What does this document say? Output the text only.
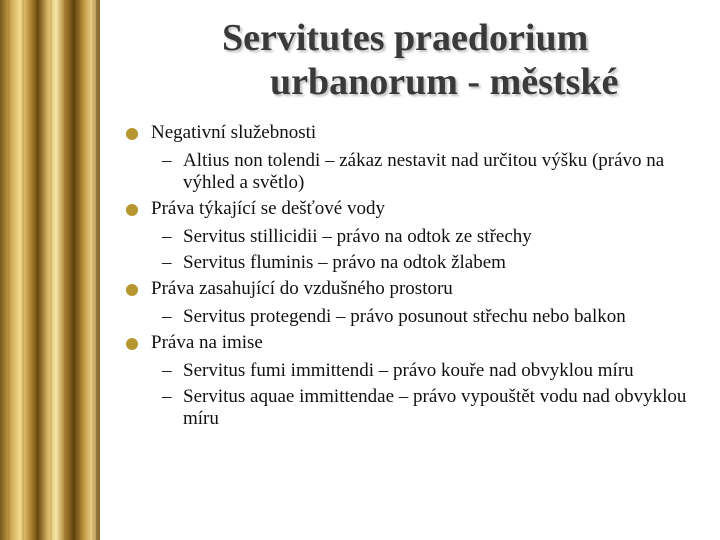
Servitutes praedorium
urbanorum - městské
Negativní služebnosti
– Altius non tolendi – zákaz nestavit nad určitou výšku (právo na výhled a světlo)
Práva týkající se dešťové vody
– Servitus stillicidii – právo na odtok ze střechy
– Servitus fluminis – právo na odtok žlabem
Práva zasahující do vzdušného prostoru
– Servitus protegendi – právo posunout střechu nebo balkon
Práva na imise
– Servitus fumi immittendi – právo kouře nad obvyklou míru
– Servitus aquae immittendae – právo vypouštět vodu nad obvyklou míru
